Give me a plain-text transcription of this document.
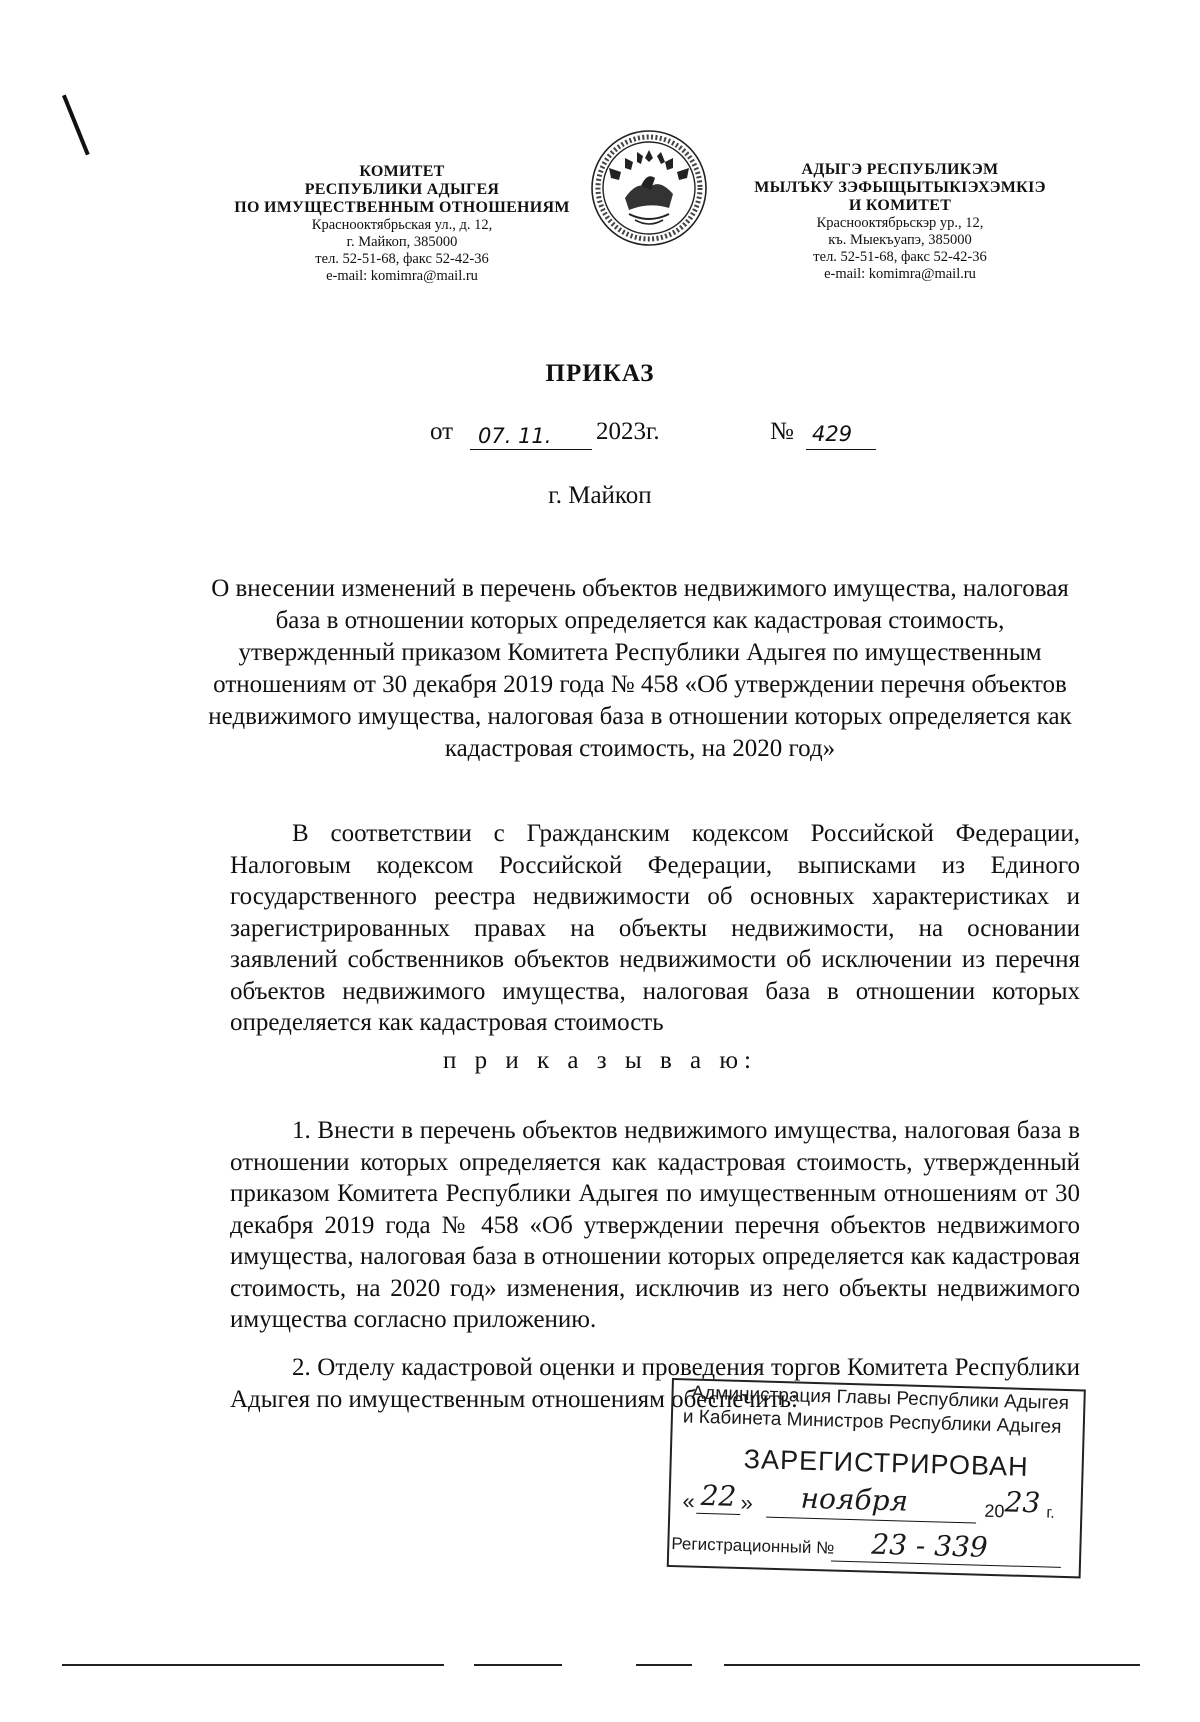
КОМИТЕТ
РЕСПУБЛИКИ АДЫГЕЯ
ПО ИМУЩЕСТВЕННЫМ ОТНОШЕНИЯМ
Краснооктябрьская ул., д. 12,
г. Майкоп, 385000
тел. 52-51-68, факс 52-42-36
e-mail: komimra@mail.ru
АДЫГЭ РЕСПУБЛИКЭМ
МЫЛЪКУ ЗЭФЫЩЫТЫКIЭХЭМКIЭ
И КОМИТЕТ
Краснооктябрьскэр ур., 12,
къ. Мыекъуапэ, 385000
тел. 52-51-68, факс 52-42-36
e-mail: komimra@mail.ru
ПРИКАЗ
от 07. 11. 2023г.	№ 429
г. Майкоп
О внесении изменений в перечень объектов недвижимого имущества, налоговая база в отношении которых определяется как кадастровая стоимость, утвержденный приказом Комитета Республики Адыгея по имущественным отношениям от 30 декабря 2019 года № 458 «Об утверждении перечня объектов недвижимого имущества, налоговая база в отношении которых определяется как кадастровая стоимость, на 2020 год»
В соответствии с Гражданским кодексом Российской Федерации, Налоговым кодексом Российской Федерации, выписками из Единого государственного реестра недвижимости об основных характеристиках и зарегистрированных правах на объекты недвижимости, на основании заявлений собственников объектов недвижимости об исключении из перечня объектов недвижимого имущества, налоговая база в отношении которых определяется как кадастровая стоимость
п р и к а з ы в а ю:
1. Внести в перечень объектов недвижимого имущества, налоговая база в отношении которых определяется как кадастровая стоимость, утвержденный приказом Комитета Республики Адыгея по имущественным отношениям от 30 декабря 2019 года № 458 «Об утверждении перечня объектов недвижимого имущества, налоговая база в отношении которых определяется как кадастровая стоимость, на 2020 год» изменения, исключив из него объекты недвижимого имущества согласно приложению.
2. Отделу кадастровой оценки и проведения торгов Комитета Республики Адыгея по имущественным отношениям обеспечить:
Администрация Главы Республики Адыгея
и Кабинета Министров Республики Адыгея
ЗАРЕГИСТРИРОВАН
« 22 » ноября	20 23 г.
Регистрационный № 23 - 339
